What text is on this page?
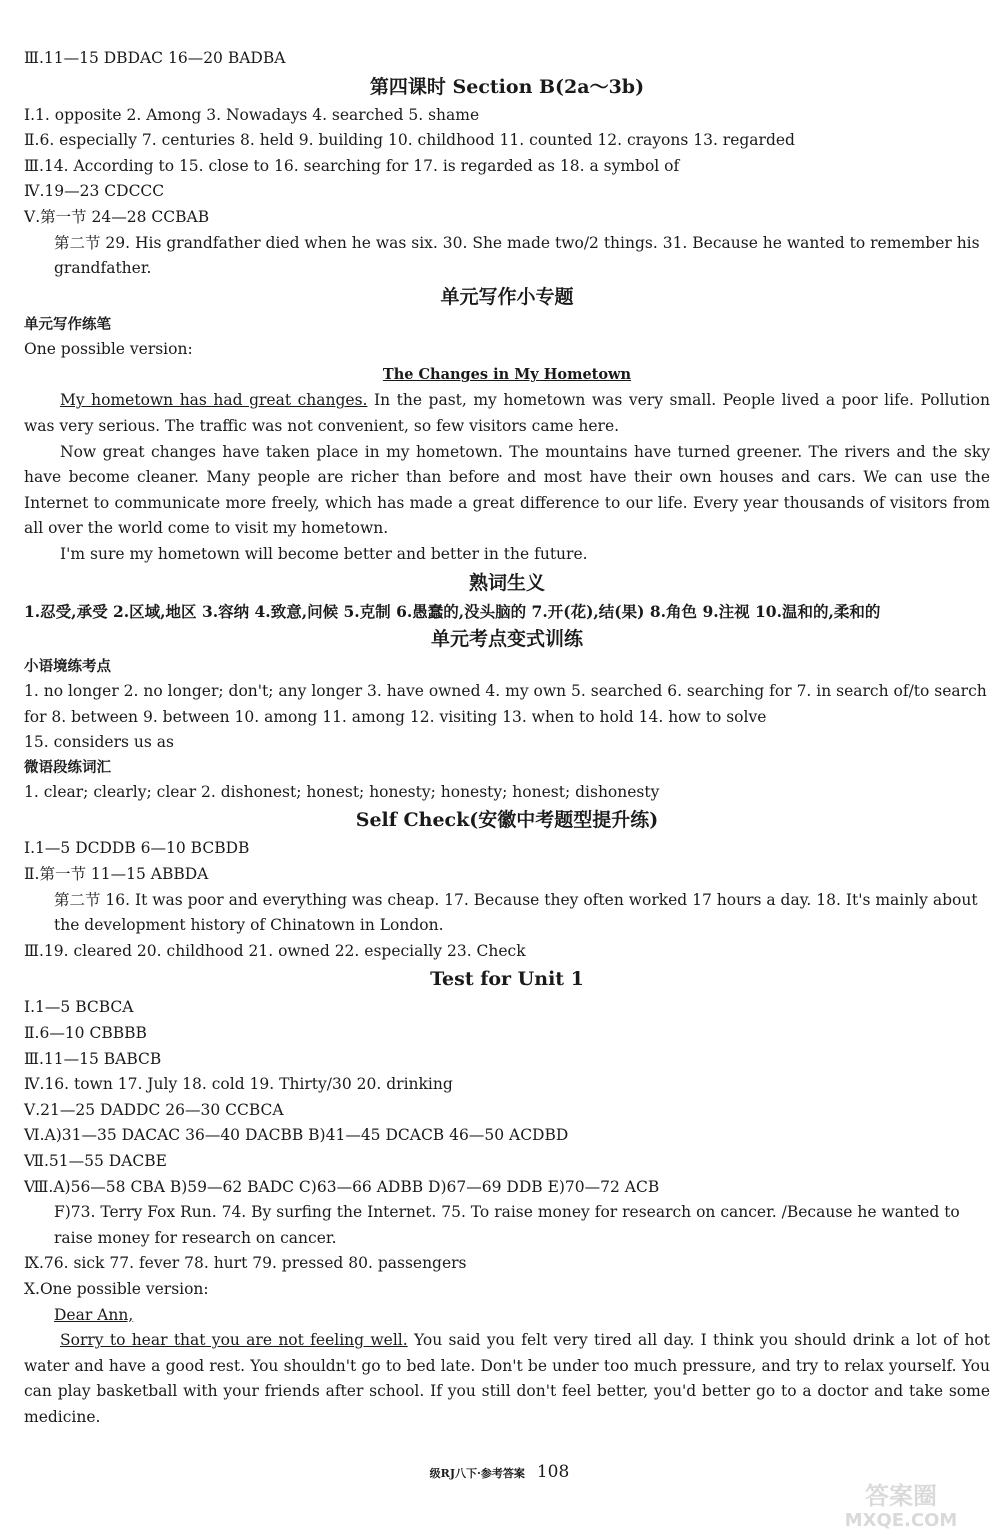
Ⅲ.11—15 DBDAC 16—20 BADBA
第四课时 Section B(2a～3b)
Ⅰ.1. opposite 2. Among 3. Nowadays 4. searched 5. shame
Ⅱ.6. especially 7. centuries 8. held 9. building 10. childhood 11. counted 12. crayons 13. regarded
Ⅲ.14. According to 15. close to 16. searching for 17. is regarded as 18. a symbol of
Ⅳ.19—23 CDCCC
Ⅴ.第一节 24—28 CCBAB
第二节 29. His grandfather died when he was six. 30. She made two/2 things. 31. Because he wanted to remember his grandfather.
单元写作小专题
单元写作练笔
One possible version:
The Changes in My Hometown
My hometown has had great changes. In the past, my hometown was very small. People lived a poor life. Pollution was very serious. The traffic was not convenient, so few visitors came here.
Now great changes have taken place in my hometown. The mountains have turned greener. The rivers and the sky have become cleaner. Many people are richer than before and most have their own houses and cars. We can use the Internet to communicate more freely, which has made a great difference to our life. Every year thousands of visitors from all over the world come to visit my hometown.
I'm sure my hometown will become better and better in the future.
熟词生义
1.忍受,承受 2.区域,地区 3.容纳 4.致意,问候 5.克制 6.愚蠢的,没头脑的 7.开(花),结(果) 8.角色 9.注视 10.温和的,柔和的
单元考点变式训练
小语境练考点
1. no longer 2. no longer; don't; any longer 3. have owned 4. my own 5. searched 6. searching for 7. in search of/to search for 8. between 9. between 10. among 11. among 12. visiting 13. when to hold 14. how to solve
15. considers us as
微语段练词汇
1. clear; clearly; clear 2. dishonest; honest; honesty; honesty; honest; dishonesty
Self Check(安徽中考题型提升练)
Ⅰ.1—5 DCDDB 6—10 BCBDB
Ⅱ.第一节 11—15 ABBDA
第二节 16. It was poor and everything was cheap. 17. Because they often worked 17 hours a day. 18. It's mainly about the development history of Chinatown in London.
Ⅲ.19. cleared 20. childhood 21. owned 22. especially 23. Check
Test for Unit 1
Ⅰ.1—5 BCBCA
Ⅱ.6—10 CBBBB
Ⅲ.11—15 BABCB
Ⅳ.16. town 17. July 18. cold 19. Thirty/30 20. drinking
Ⅴ.21—25 DADDC 26—30 CCBCA
Ⅵ.A)31—35 DACAC 36—40 DACBB B)41—45 DCACB 46—50 ACDBD
Ⅶ.51—55 DACBE
Ⅷ.A)56—58 CBA B)59—62 BADC C)63—66 ADBB D)67—69 DDB E)70—72 ACB
F)73. Terry Fox Run. 74. By surfing the Internet. 75. To raise money for research on cancer. /Because he wanted to raise money for research on cancer.
Ⅸ.76. sick 77. fever 78. hurt 79. pressed 80. passengers
Ⅹ.One possible version:
Dear Ann,
Sorry to hear that you are not feeling well. You said you felt very tired all day. I think you should drink a lot of hot water and have a good rest. You shouldn't go to bed late. Don't be under too much pressure, and try to relax yourself. You can play basketball with your friends after school. If you still don't feel better, you'd better go to a doctor and take some medicine.
级RJ八下·参考答案 108
答案圈
MXQE.COM
